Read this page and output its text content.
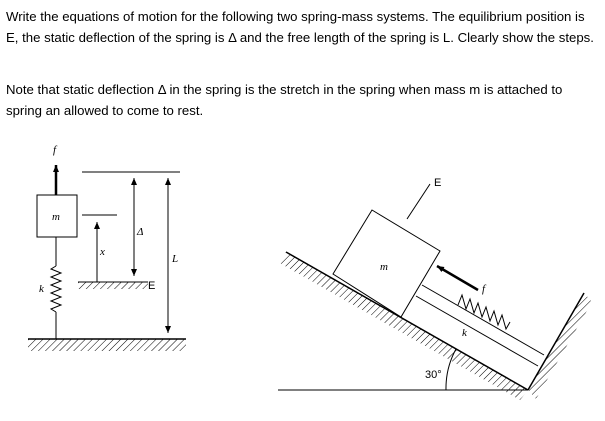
Write the equations of motion for the following two spring-mass systems. The equilibrium position is E, the static deflection of the spring is Δ and the free length of the spring is L. Clearly show the steps.

Note that static deflection Δ in the spring is the stretch in the spring when mass m is attached to spring an allowed to come to rest.

k
m
f
x
E
Δ
L
30°
m
E
k
f
